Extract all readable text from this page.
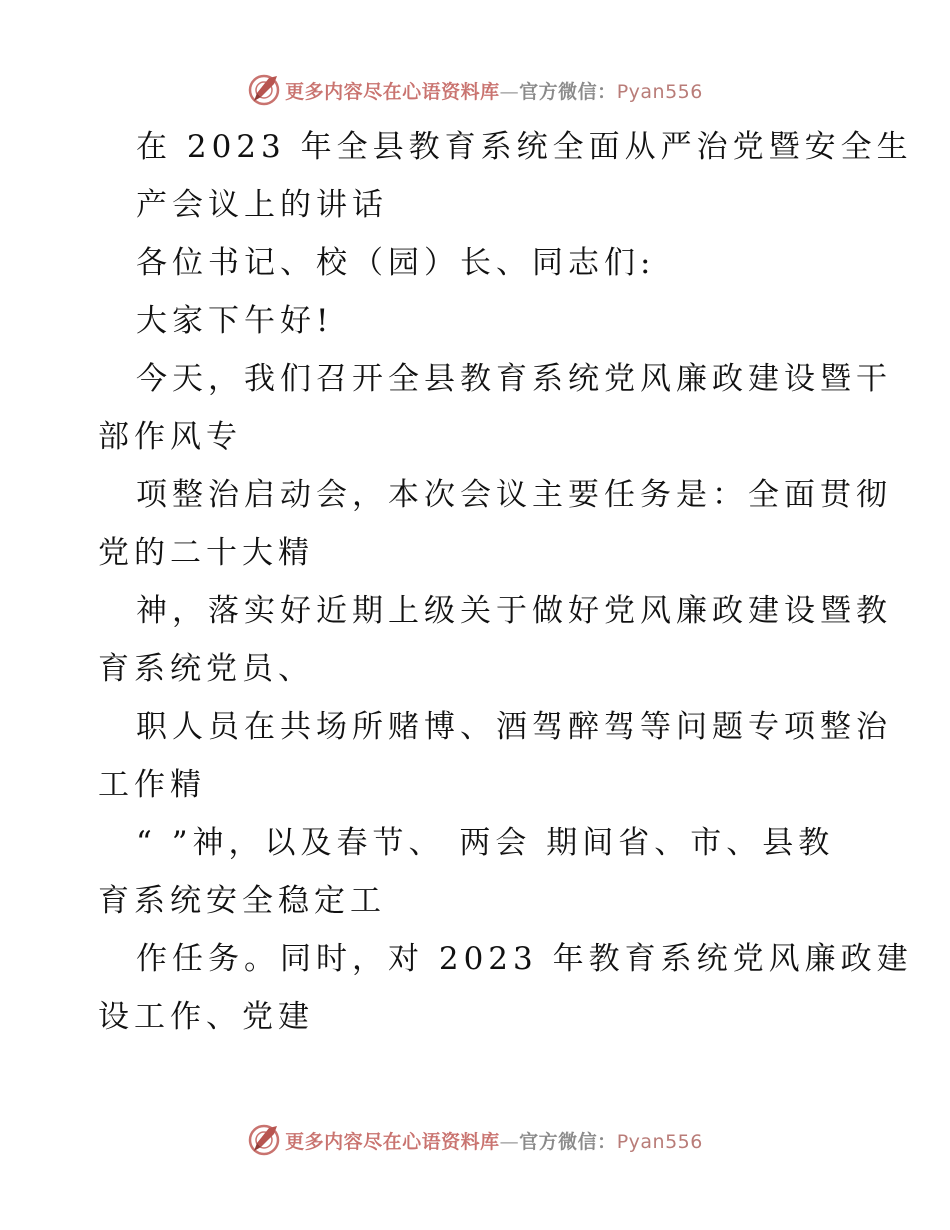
更多内容尽在心语资料库—官方微信：Pyan556
在 2023 年全县教育系统全面从严治党暨安全生
产会议上的讲话
各位书记、校（园）长、同志们:
大家下午好!
今天，我们召开全县教育系统党风廉政建设暨干
部作风专
项整治启动会，本次会议主要任务是：全面贯彻
党的二十大精
神，落实好近期上级关于做好党风廉政建设暨教
育系统党员、
职人员在共场所赌博、酒驾醉驾等问题专项整治
工作精
“ ”神，以及春节、 两会 期间省、市、县教
育系统安全稳定工
作任务。同时，对 2023 年教育系统党风廉政建
设工作、党建
更多内容尽在心语资料库—官方微信：Pyan556
